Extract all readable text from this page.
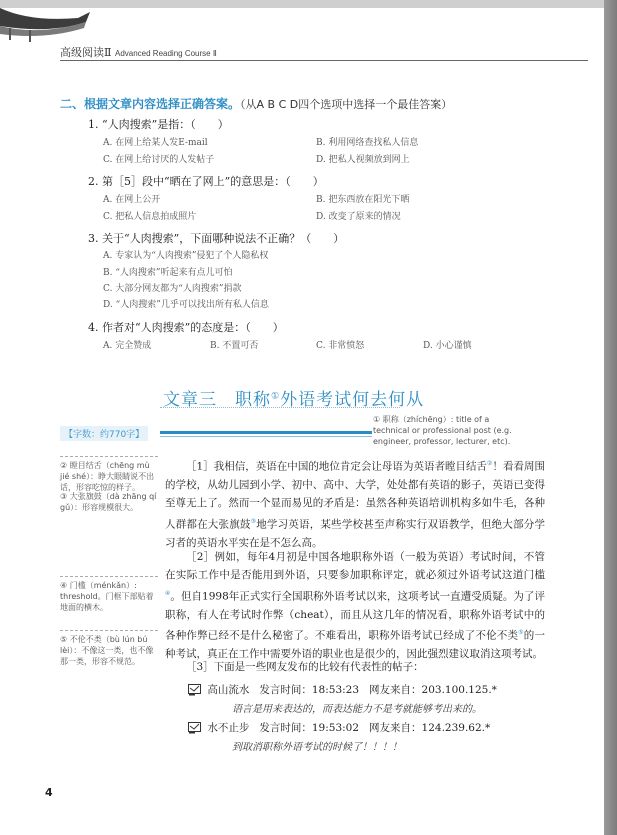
高级阅读Ⅱ Advanced Reading Course Ⅱ
二、根据文章内容选择正确答案。（从A B C D四个选项中选择一个最佳答案）
1. “人肉搜索”是指：（　　）
A. 在网上给某人发E-mail	B. 利用网络查找私人信息
C. 在网上给讨厌的人发帖子	D. 把私人视频放到网上
2. 第［5］段中“晒在了网上”的意思是：（　　）
A. 在网上公开	B. 把东西放在阳光下晒
C. 把私人信息拍成照片	D. 改变了原来的情况
3. 关于“人肉搜索”，下面哪种说法不正确？（　　）
A. 专家认为“人肉搜索”侵犯了个人隐私权
B. “人肉搜索”听起来有点儿可怕
C. 大部分网友都为“人肉搜索”捐款
D. “人肉搜索”几乎可以找出所有私人信息
4. 作者对“人肉搜索”的态度是：（　　）
A. 完全赞成	B. 不置可否	C. 非常愤怒	D. 小心谨慎
文章三　职称①外语考试何去何从
【字数：约770字】
① 职称（zhíchēng）: title of a technical or professional post (e.g. engineer, professor, lecturer, etc).
② 瞠目结舌（chēng mù jié shé）：睁大眼睛说不出话，形容吃惊的样子。
③ 大张旗鼓（dà zhāng qí gǔ）：形容规模很大。
④ 门槛（ménkǎn）: threshold。门框下部贴着地面的横木。
⑤ 不伦不类（bù lún bú lèi）：不像这一类，也不像那一类，形容不规范。
［1］我相信，英语在中国的地位肯定会让母语为英语者瞠目结舌②！看看周围的学校，从幼儿园到小学、初中、高中、大学，处处都有英语的影子，英语已变得至尊无上了。然而一个显而易见的矛盾是：虽然各种英语培训机构多如牛毛，各种人群都在大张旗鼓③地学习英语，某些学校甚至声称实行双语教学，但绝大部分学习者的英语水平实在是不怎么高。
［2］例如，每年4月初是中国各地职称外语（一般为英语）考试时间，不管在实际工作中是否能用到外语，只要参加职称评定，就必须过外语考试这道门槛④。但自1998年正式实行全国职称外语考试以来，这项考试一直遭受质疑。为了评职称，有人在考试时作弊（cheat），而且从这几年的情况看，职称外语考试中的各种作弊已经不是什么秘密了。不难看出，职称外语考试已经成了不伦不类⑤的一种考试，真正在工作中需要外语的职业也是很少的，因此强烈建议取消这项考试。
［3］下面是一些网友发布的比较有代表性的帖子：
高山流水 发言时间：18:53:23 网友来自：203.100.125.*
语言是用来表达的，而表达能力不是考就能够考出来的。
水不止步 发言时间：19:53:02 网友来自：124.239.62.*
到取消职称外语考试的时候了！！！！
4
